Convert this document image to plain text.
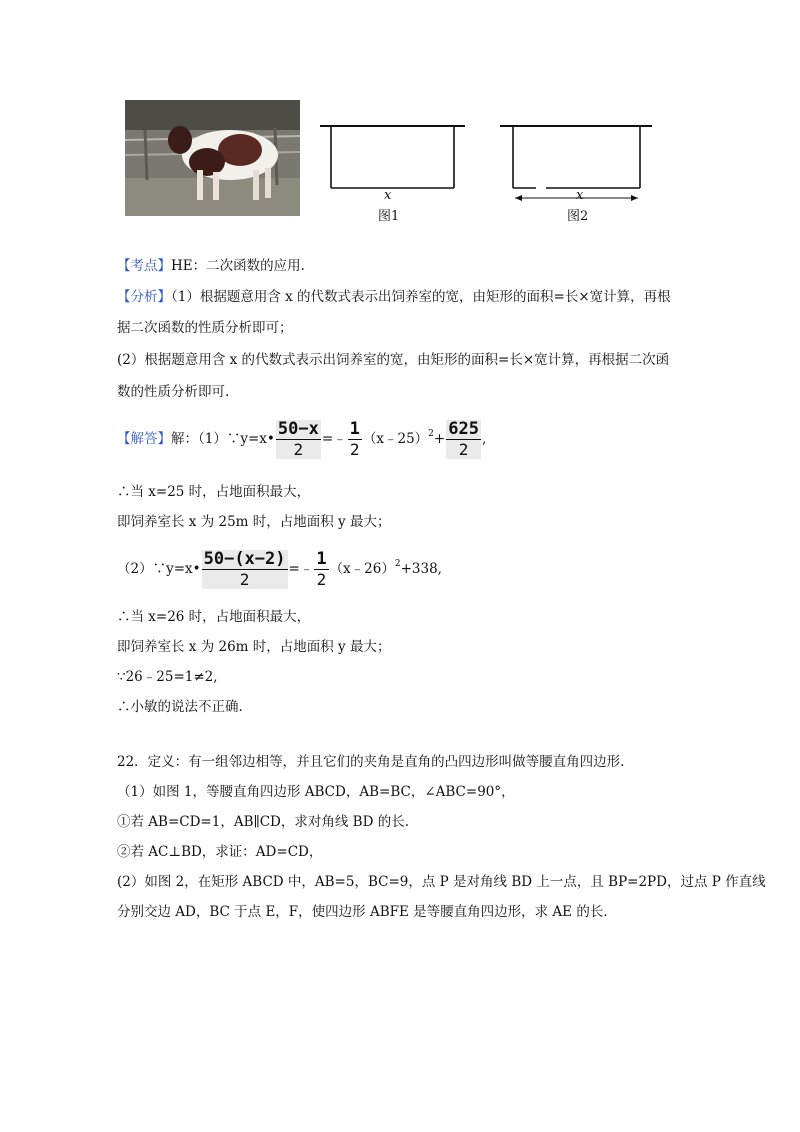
x
图1
x
图2
【考点】HE：二次函数的应用.
【分析】（1）根据题意用含 x 的代数式表示出饲养室的宽，由矩形的面积=长×宽计算，再根
据二次函数的性质分析即可；
(2）根据题意用含 x 的代数式表示出饲养室的宽，由矩形的面积=长×宽计算，再根据二次函
数的性质分析即可.
【解答】解：（1）∵y=x• $\frac{50-x}{2}$ =﹣ $\frac{1}{2}$ （x﹣25）$^2$+ $\frac{625}{2}$ ,
∴当 x=25 时，占地面积最大，
即饲养室长 x 为 25m 时，占地面积 y 最大；
（2）∵y=x• $\frac{50-(x-2)}{2}$ =﹣ $\frac{1}{2}$ （x﹣26）$^2$+338,
∴当 x=26 时，占地面积最大，
即饲养室长 x 为 26m 时，占地面积 y 最大；
∵26﹣25=1≠2,
∴小敏的说法不正确.
22．定义：有一组邻边相等，并且它们的夹角是直角的凸四边形叫做等腰直角四边形.
（1）如图 1，等腰直角四边形 ABCD，AB=BC，∠ABC=90°，
①若 AB=CD=1，AB∥CD，求对角线 BD 的长.
②若 AC⊥BD，求证：AD=CD，
(2）如图 2，在矩形 ABCD 中，AB=5，BC=9，点 P 是对角线 BD 上一点，且 BP=2PD，过点 P 作直线
分别交边 AD，BC 于点 E，F，使四边形 ABFE 是等腰直角四边形，求 AE 的长.
